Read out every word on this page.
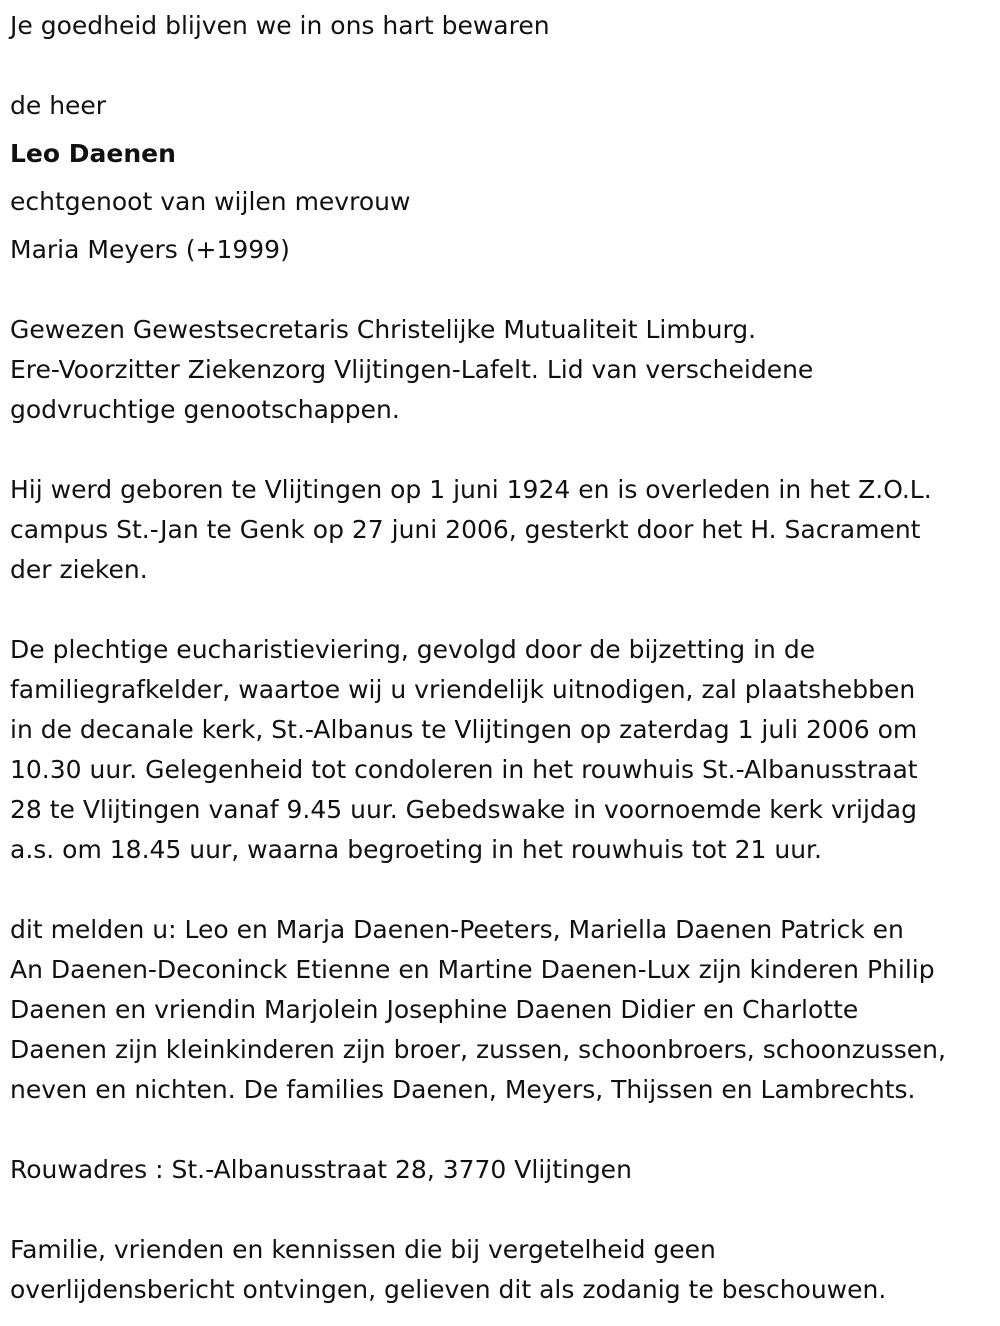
Je goedheid blijven we in ons hart bewaren
de heer
Leo Daenen
echtgenoot van wijlen mevrouw
Maria Meyers (+1999)
Gewezen Gewestsecretaris Christelijke Mutualiteit Limburg.
Ere-Voorzitter Ziekenzorg Vlijtingen-Lafelt. Lid van verscheidene
godvruchtige genootschappen.
Hij werd geboren te Vlijtingen op 1 juni 1924 en is overleden in het Z.O.L.
campus St.-Jan te Genk op 27 juni 2006, gesterkt door het H. Sacrament
der zieken.
De plechtige eucharistieviering, gevolgd door de bijzetting in de
familiegrafkelder, waartoe wij u vriendelijk uitnodigen, zal plaatshebben
in de decanale kerk, St.-Albanus te Vlijtingen op zaterdag 1 juli 2006 om
10.30 uur. Gelegenheid tot condoleren in het rouwhuis St.-Albanusstraat
28 te Vlijtingen vanaf 9.45 uur. Gebedswake in voornoemde kerk vrijdag
a.s. om 18.45 uur, waarna begroeting in het rouwhuis tot 21 uur.
dit melden u: Leo en Marja Daenen-Peeters, Mariella Daenen Patrick en
An Daenen-Deconinck Etienne en Martine Daenen-Lux zijn kinderen Philip
Daenen en vriendin Marjolein Josephine Daenen Didier en Charlotte
Daenen zijn kleinkinderen zijn broer, zussen, schoonbroers, schoonzussen,
neven en nichten. De families Daenen, Meyers, Thijssen en Lambrechts.
Rouwadres : St.-Albanusstraat 28, 3770 Vlijtingen
Familie, vrienden en kennissen die bij vergetelheid geen
overlijdensbericht ontvingen, gelieven dit als zodanig te beschouwen.
